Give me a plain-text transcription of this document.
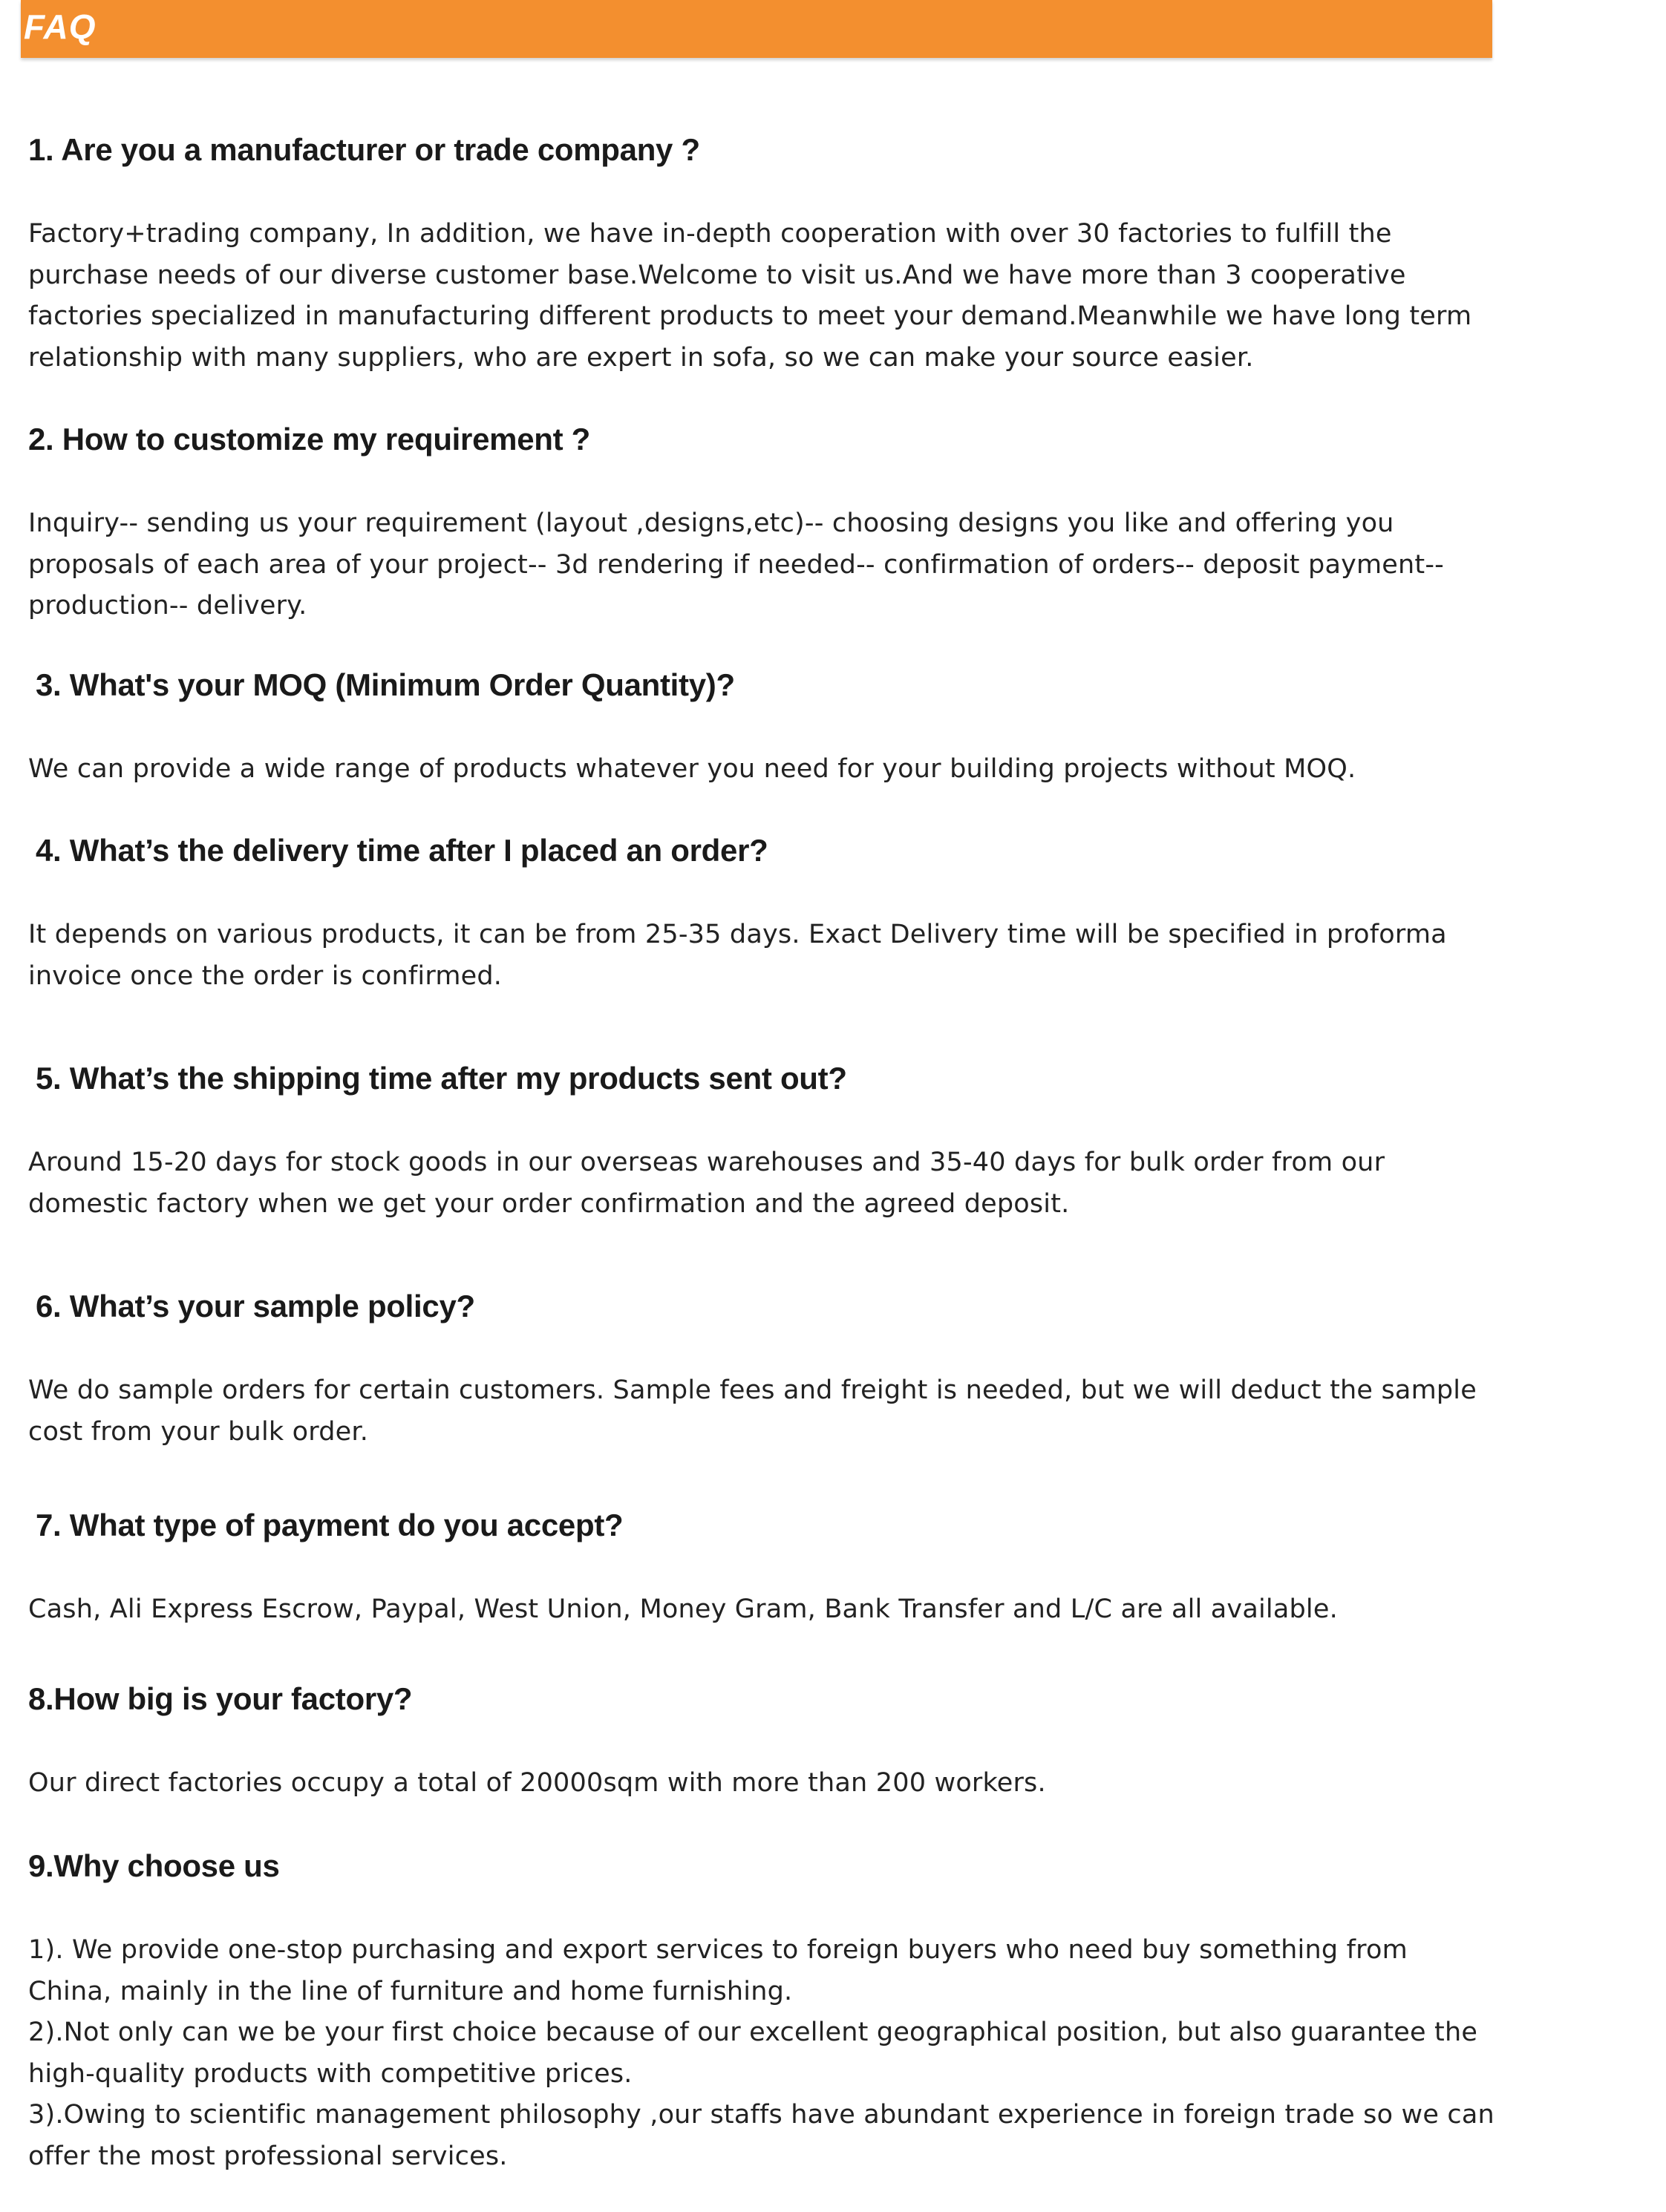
FAQ
1. Are you a manufacturer or trade company ?
Factory+trading company, In addition, we have in-depth cooperation with over 30 factories to fulfill the purchase needs of our diverse customer base.Welcome to visit us.And we have more than 3 cooperative factories specialized in manufacturing different products to meet your demand.Meanwhile we have long term relationship with many suppliers, who are expert in sofa, so we can make your source easier.
2. How to customize my requirement ?
Inquiry-- sending us your requirement (layout ,designs,etc)-- choosing designs you like and offering you proposals of each area of your project-- 3d rendering if needed-- confirmation of orders-- deposit payment-- production-- delivery.
3. What's your MOQ (Minimum Order Quantity)?
We can provide a wide range of products whatever you need for your building projects without MOQ.
4. What’s the delivery time after I placed an order?
It depends on various products, it can be from 25-35 days. Exact Delivery time will be specified in proforma invoice once the order is confirmed.
5. What’s the shipping time after my products sent out?
Around 15-20 days for stock goods in our overseas warehouses and 35-40 days for bulk order from our domestic factory when we get your order confirmation and the agreed deposit.
6. What’s your sample policy?
We do sample orders for certain customers. Sample fees and freight is needed, but we will deduct the sample cost from your bulk order.
7. What type of payment do you accept?
Cash, Ali Express Escrow, Paypal, West Union, Money Gram, Bank Transfer and L/C are all available.
8.How big is your factory?
Our direct factories occupy a total of 20000sqm with more than 200 workers.
9.Why choose us

1). We provide one-stop purchasing and export services to foreign buyers who need buy something from China, mainly in the line of furniture and home furnishing.

2).Not only can we be your first choice because of our excellent geographical position, but also guarantee the high-quality products with competitive prices.

3).Owing to scientific management philosophy ,our staffs have abundant experience in foreign trade so we can offer the most professional services.
